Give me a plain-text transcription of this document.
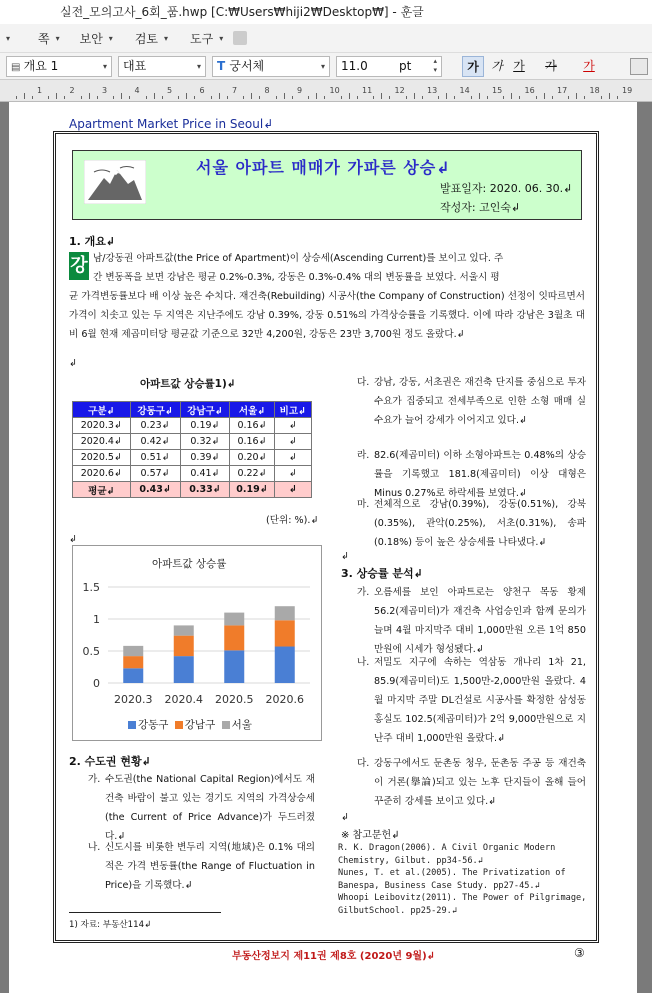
실전_모의고사_6회_품.hwp [C:₩Users₩hiji2₩Desktop₩] - 훈글
▾ 쪽 ▾ 보안 ▾ 검토 ▾ 도구 ▾
▤ 개요 1	▾	대표	▾	T 궁서체	▾	11.0	pt	▴
▾	가	가 가	가	가
1	2	3	4	5	6	7	8	9	10	11	12	13	14	15	16	17	18	19
Apartment Market Price in Seoul↲
서울 아파트 매매가 가파른 상승↲
발표일자: 2020. 06. 30.↲
작성자: 고인숙↲
1. 개요↲
강 남/강동권 아파트값(the Price of Apartment)이 상승세(Ascending Current)를 보이고 있다. 주
간 변동폭을 보면 강남은 평균 0.2%-0.3%, 강동은 0.3%-0.4% 대의 변동률을 보였다. 서울시 평
균 가격변동률보다 배 이상 높은 수치다. 재건축(Rebuilding) 시공사(the Company of Construction) 선정이 잇따르면서 가격이 치솟고 있는 두 지역은 지난주에도 강남 0.39%, 강동 0.51%의 가격상승률을 기록했다. 이에 따라 강남은 3월초 대비 6월 현재 제곱미터당 평균값 기준으로 32만 4,200원, 강동은 23만 3,700원 정도 올랐다.↲
↲
아파트값 상승률1)↲
구분↲	강동구↲	강남구↲	서울↲	비고↲
2020.3↲	0.23↲	0.19↲	0.16↲	↲
2020.4↲	0.42↲	0.32↲	0.16↲	↲
2020.5↲	0.51↲	0.39↲	0.20↲	↲
2020.6↲	0.57↲	0.41↲	0.22↲	↲
평균↲	0.43↲	0.33↲	0.19↲	↲
(단위: %).↲
↲
아파트값 상승률
0
0.5
1
1.5
2020.3 2020.4 2020.5 2020.6
강동구 강남구 서울
2. 수도권 현황↲
가. 수도권(the National Capital Region)에서도 재건축 바람이 불고 있는 경기도 지역의 가격상승세(the Current of Price Advance)가 두드러졌다.↲
나. 신도시를 비롯한 변두리 지역(地域)은 0.1% 대의 적은 가격 변동률(the Range of Fluctuation in Price)을 기록했다.↲
1) 자료: 부동산114↲
다. 강남, 강동, 서초권은 재건축 단지를 중심으로 투자수요가 집중되고 전세부족으로 인한 소형 매매 실수요가 늘어 강세가 이어지고 있다.↲
라. 82.6(제곱미터) 이하 소형아파트는 0.48%의 상승률을 기록했고 181.8(제곱미터) 이상 대형은 Minus 0.27%로 하락세를 보였다.↲
마. 전체적으로 강남(0.39%), 강동(0.51%), 강북(0.35%), 관악(0.25%), 서초(0.31%), 송파(0.18%) 등이 높은 상승세를 나타냈다.↲
↲
3. 상승률 분석↲
가. 오름세를 보인 아파트로는 양천구 목동 황제 56.2(제곱미터)가 재건축 사업승인과 함께 문의가 늘며 4월 마지막주 대비 1,000만원 오른 1억 850만원에 시세가 형성됐다.↲
나. 저밀도 지구에 속하는 역삼동 개나리 1차 21, 85.9(제곱미터)도 1,500만-2,000만원 올랐다. 4월 마지막 주말 DL건설로 시공사를 확정한 삼성동 홍실도 102.5(제곱미터)가 2억 9,000만원으로 지난주 대비 1,000만원 올랐다.↲
다. 강동구에서도 둔촌동 청우, 둔촌동 주공 등 재건축이 거론(擧論)되고 있는 노후 단지들이 올해 들어 꾸준히 강세를 보이고 있다.↲
↲
※ 참고문헌↲
R. K. Dragon(2006). A Civil Organic Modern Chemistry, Gilbut. pp34-56.↲
Nunes, T. et al.(2005). The Privatization of Banespa, Business Case Study. pp27-45.↲
Whoopi Leibovitz(2011). The Power of Pilgrimage, GilbutSchool. pp25-29.↲
부동산정보지 제11권 제8호 (2020년 9월)↲	③
